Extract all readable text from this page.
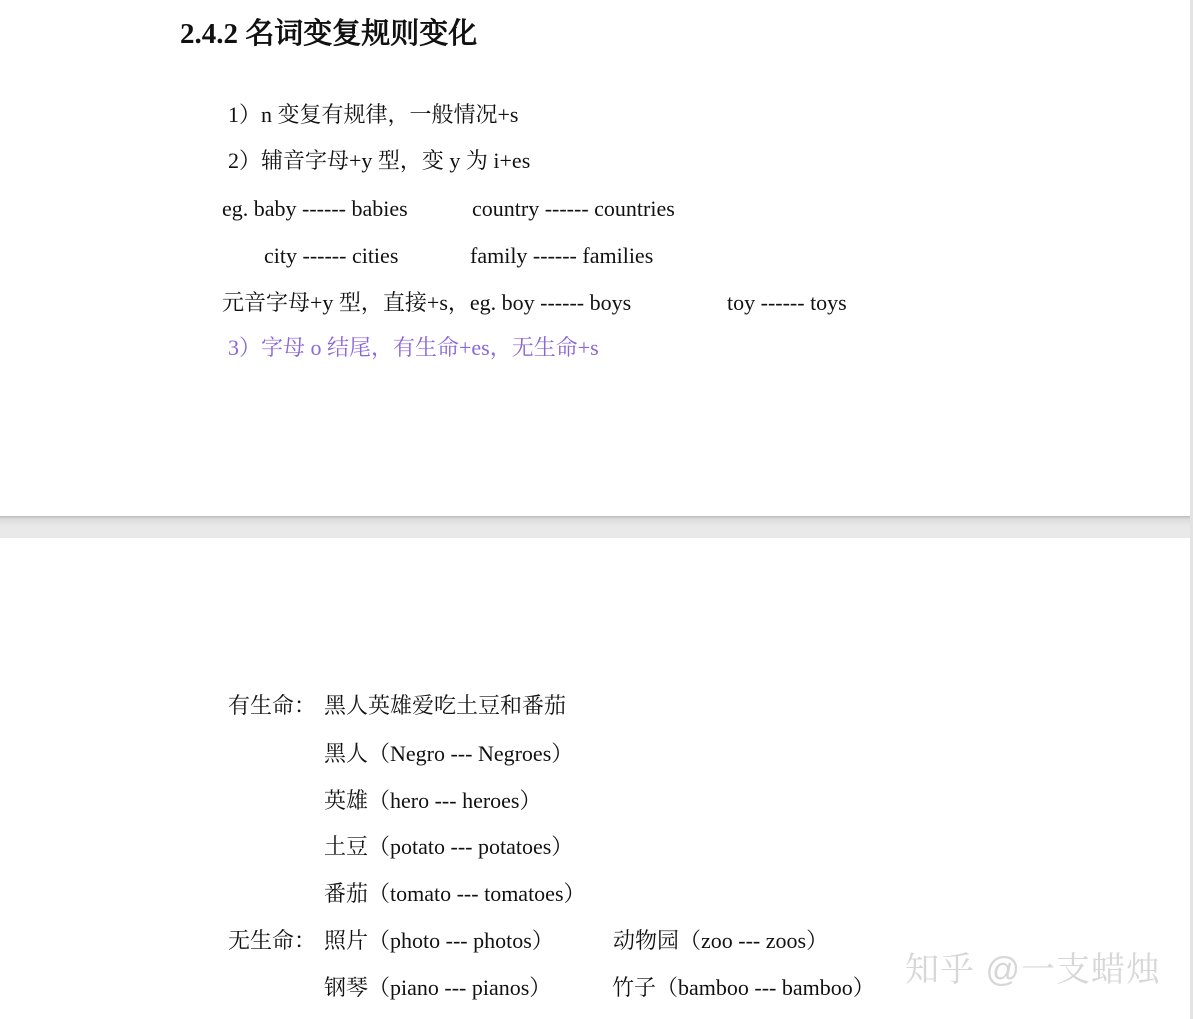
2.4.2 名词变复规则变化
1）n 变复有规律，一般情况+s
2）辅音字母+y 型，变 y 为 i+es
eg. baby ------ babies	country ------ countries
city ------ cities	family ------ families
元音字母+y 型，直接+s，eg. boy ------ boys	toy ------ toys
3）字母 o 结尾，有生命+es，无生命+s
有生命： 黑人英雄爱吃土豆和番茄
黑人（Negro --- Negroes）
英雄（hero --- heroes）
土豆（potato --- potatoes）
番茄（tomato --- tomatoes）
无生命： 照片（photo --- photos）	动物园（zoo --- zoos）
钢琴（piano --- pianos）	竹子（bamboo --- bamboo） 知乎 @一支蜡烛
